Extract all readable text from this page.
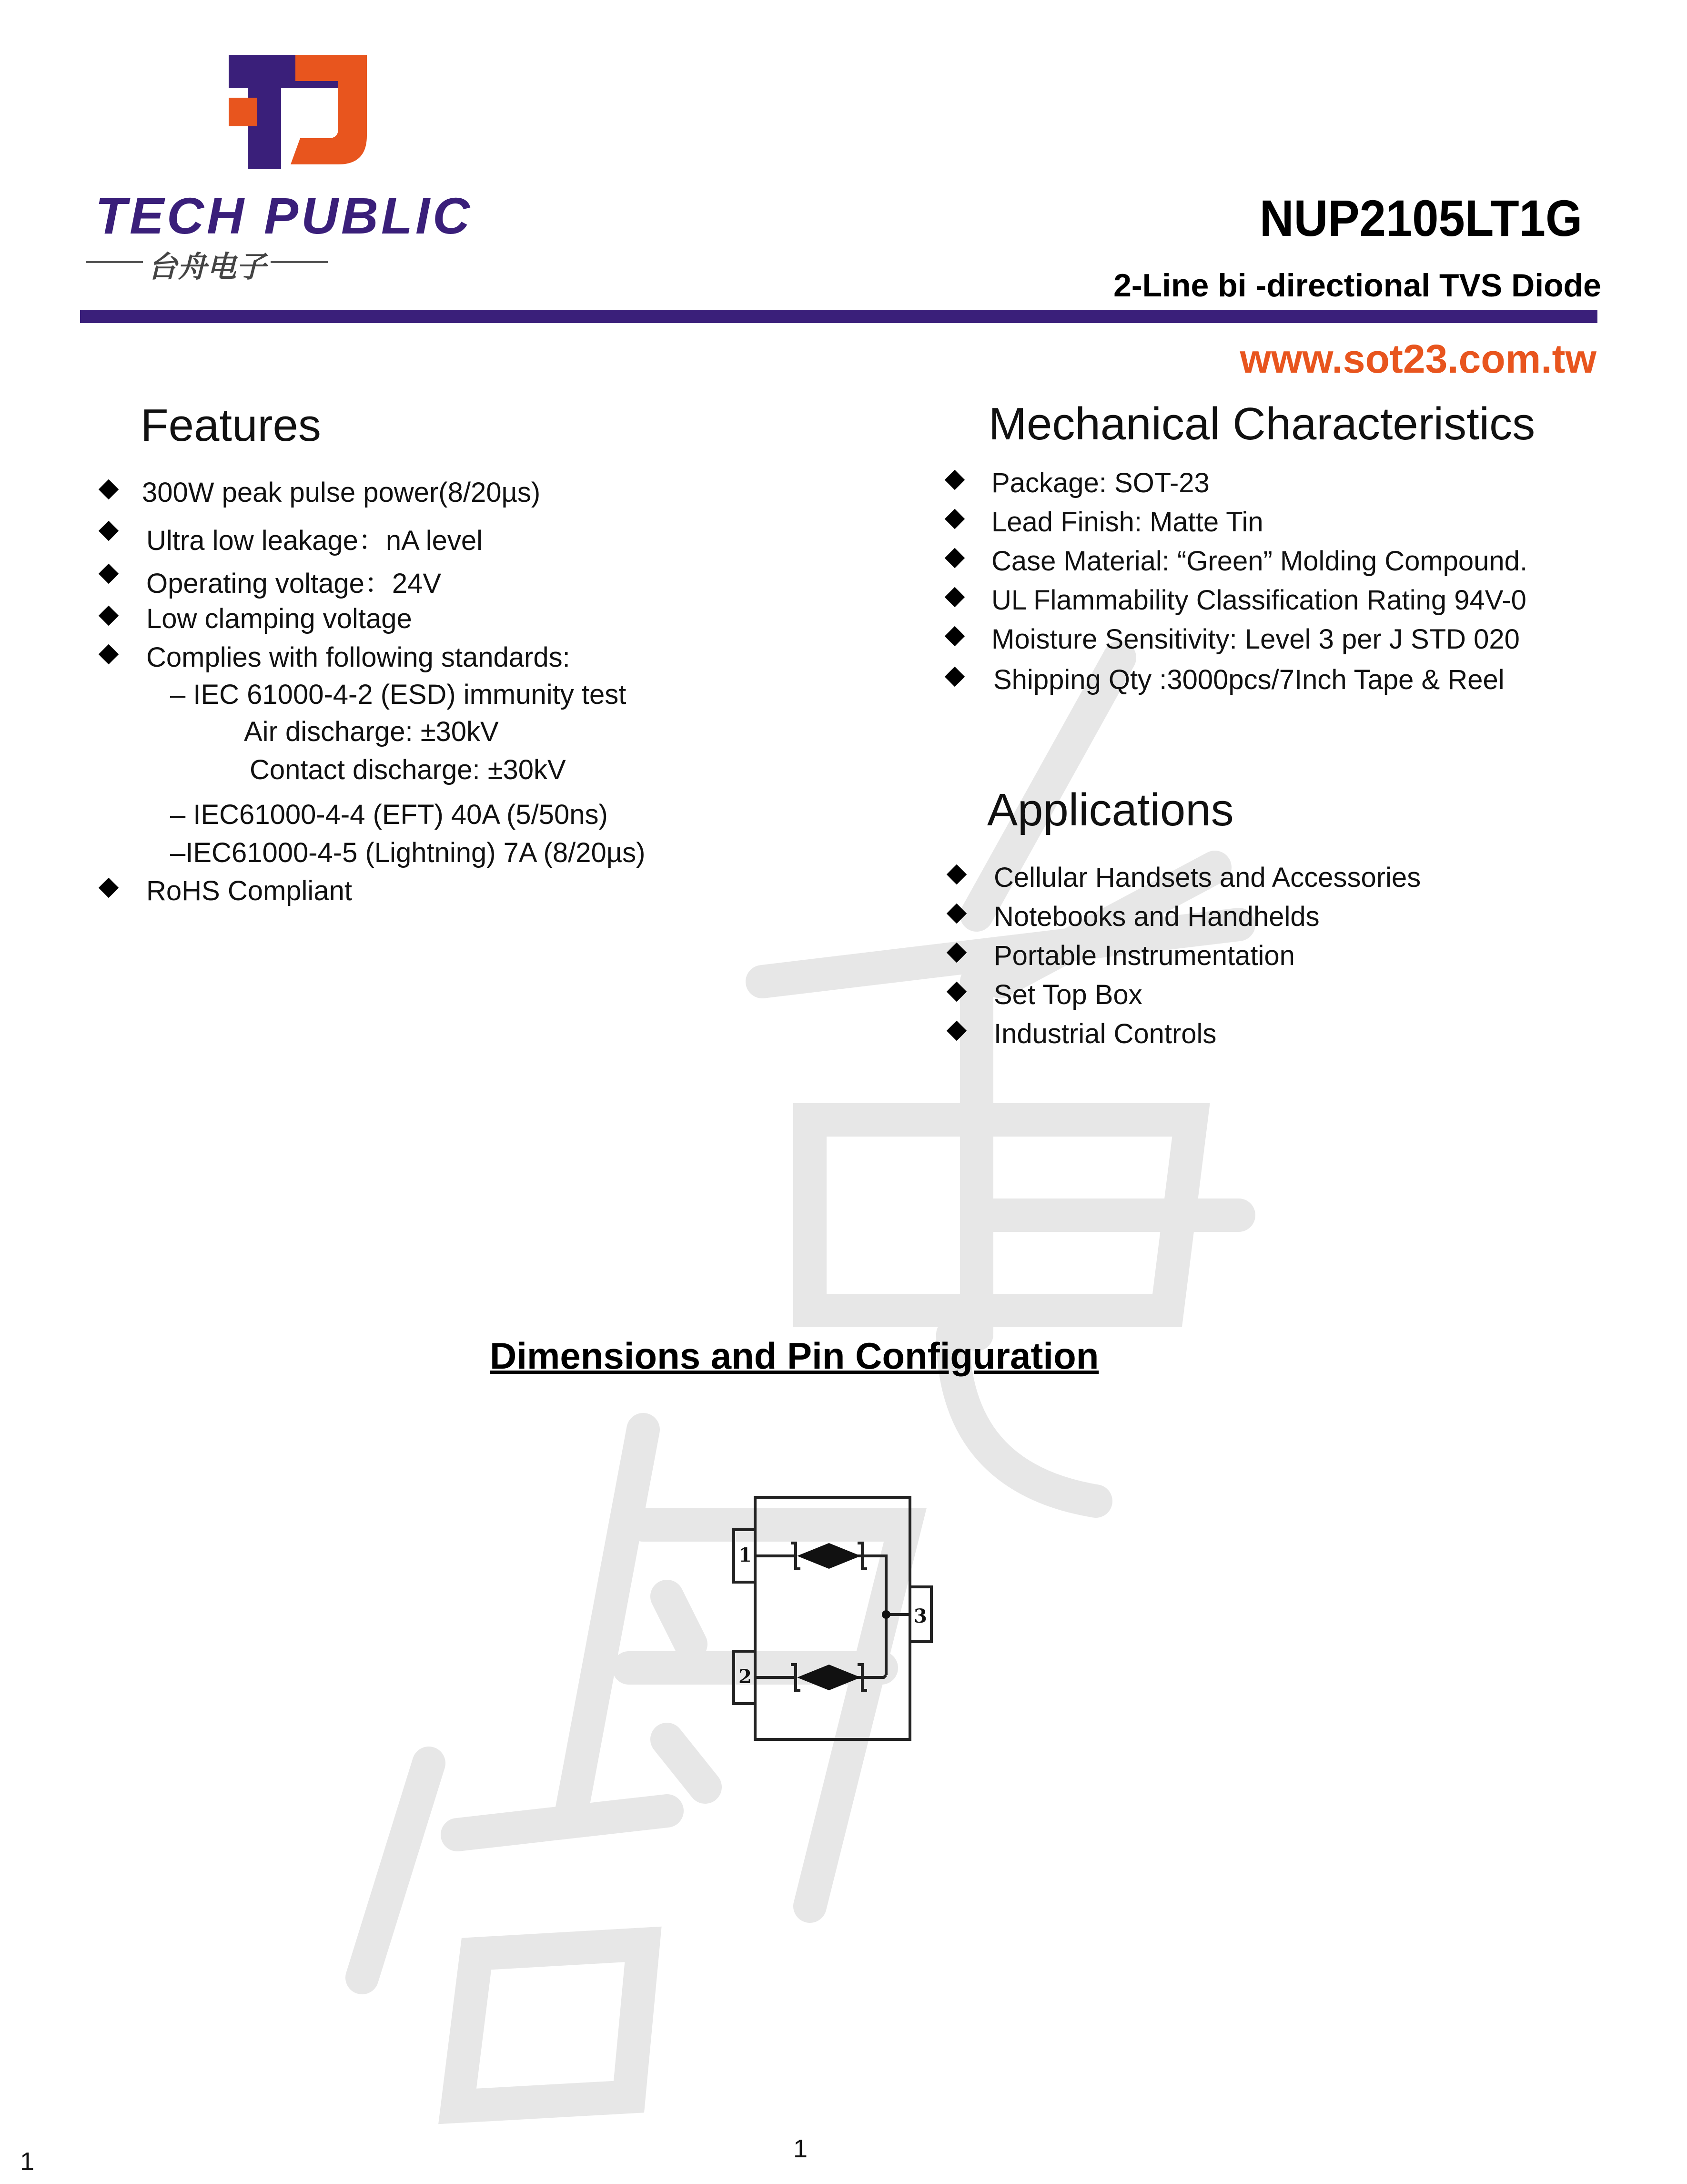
TECH PUBLIC
台舟电子
NUP2105LT1G
2-Line bi -directional TVS Diode
www.sot23.com.tw
Features
300W peak pulse power(8/20µs)
Ultra low leakage：nA level
Operating voltage：24V
Low clamping voltage
Complies with following standards:
– IEC 61000-4-2 (ESD) immunity test
Air discharge: ±30kV
Contact discharge: ±30kV
– IEC61000-4-4 (EFT) 40A (5/50ns)
–IEC61000-4-5 (Lightning) 7A (8/20µs)
RoHS Compliant
Mechanical Characteristics
Package: SOT-23
Lead Finish: Matte Tin
Case Material: “Green” Molding Compound.
UL Flammability Classification Rating 94V-0
Moisture Sensitivity: Level 3 per J STD 020
Shipping Qty :3000pcs/7Inch Tape & Reel
Applications
Cellular Handsets and Accessories
Notebooks and Handhelds
Portable Instrumentation
Set Top Box
Industrial Controls
Dimensions and Pin Configuration
1
2
3
1	1
